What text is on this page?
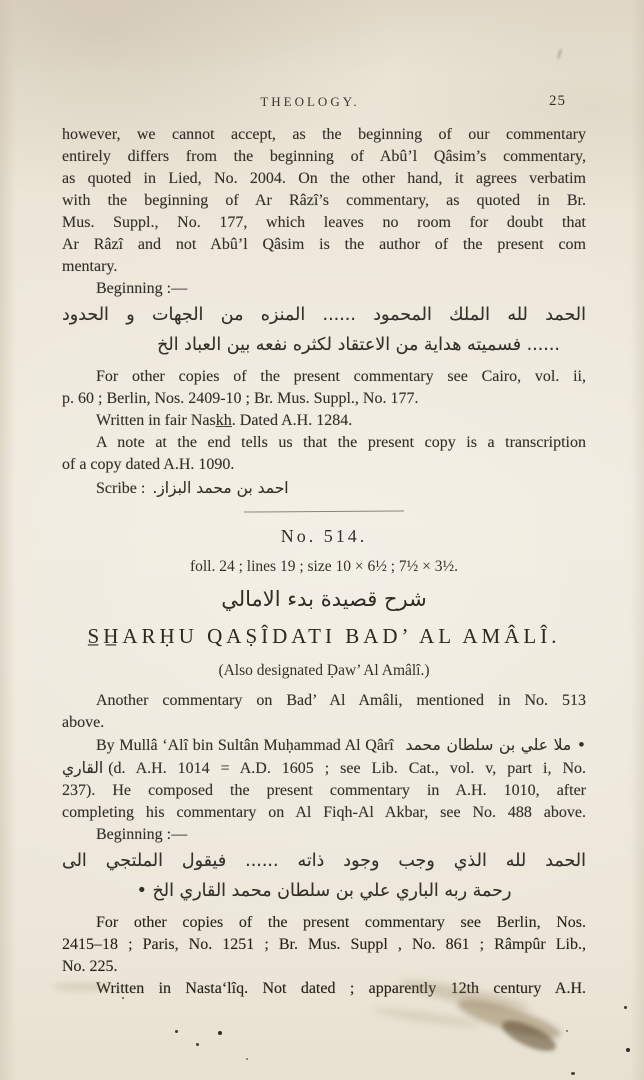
THEOLOGY.	25
however, we cannot accept, as the beginning of our commentary
entirely differs from the beginning of Abû’l Qâsim’s commentary,
as quoted in Lied, No. 2004. On the other hand, it agrees verbatim
with the beginning of Ar Râzî’s commentary, as quoted in Br.
Mus. Suppl., No. 177, which leaves no room for doubt that
Ar Râzî and not Abû’l Qâsim is the author of the present com
mentary.
Beginning :—
الحمد لله الملك المحمود ...... المنزه من الجهات و الحدود
...... فسميته هداية من الاعتقاد لكثره نفعه بين العباد الخ
For other copies of the present commentary see Cairo, vol. ii,
p. 60 ; Berlin, Nos. 2409-10 ; Br. Mus. Suppl., No. 177.
Written in fair Nask̲h̲. Dated A.H. 1284.
A note at the end tells us that the present copy is a transcription
of a copy dated A.H. 1090.
Scribe : احمد بن محمد البزاز.
No. 514.
foll. 24 ; lines 19 ; size 10 × 6½ ; 7½ × 3½.
شرح قصيدة بدء الامالي
S̲H̲ARḤU QAṢÎDATI BAD’ AL AMÂLÎ.
(Also designated Ḍaw’ Al Amâlî.)
Another commentary on Bad’ Al Amâli, mentioned in No. 513
above.
By Mullâ ‘Alî bin Sultân Muḥammad Al Qârî • ملا علي بن سلطان محمد
القاري (d. A.H. 1014 = A.D. 1605 ; see Lib. Cat., vol. v, part i, No.
237). He composed the present commentary in A.H. 1010, after
completing his commentary on Al Fiqh-Al Akbar, see No. 488 above.
Beginning :—
الحمد لله الذي وجب وجود ذاته ...... فيقول الملتجي الى
رحمة ربه الباري علي بن سلطان محمد القاري الخ •
For other copies of the present commentary see Berlin, Nos.
2415–18 ; Paris, No. 1251 ; Br. Mus. Suppl , No. 861 ; Râmpûr Lib.,
No. 225.
Written in Nasta‘lîq. Not dated ; apparently 12th century A.H.
